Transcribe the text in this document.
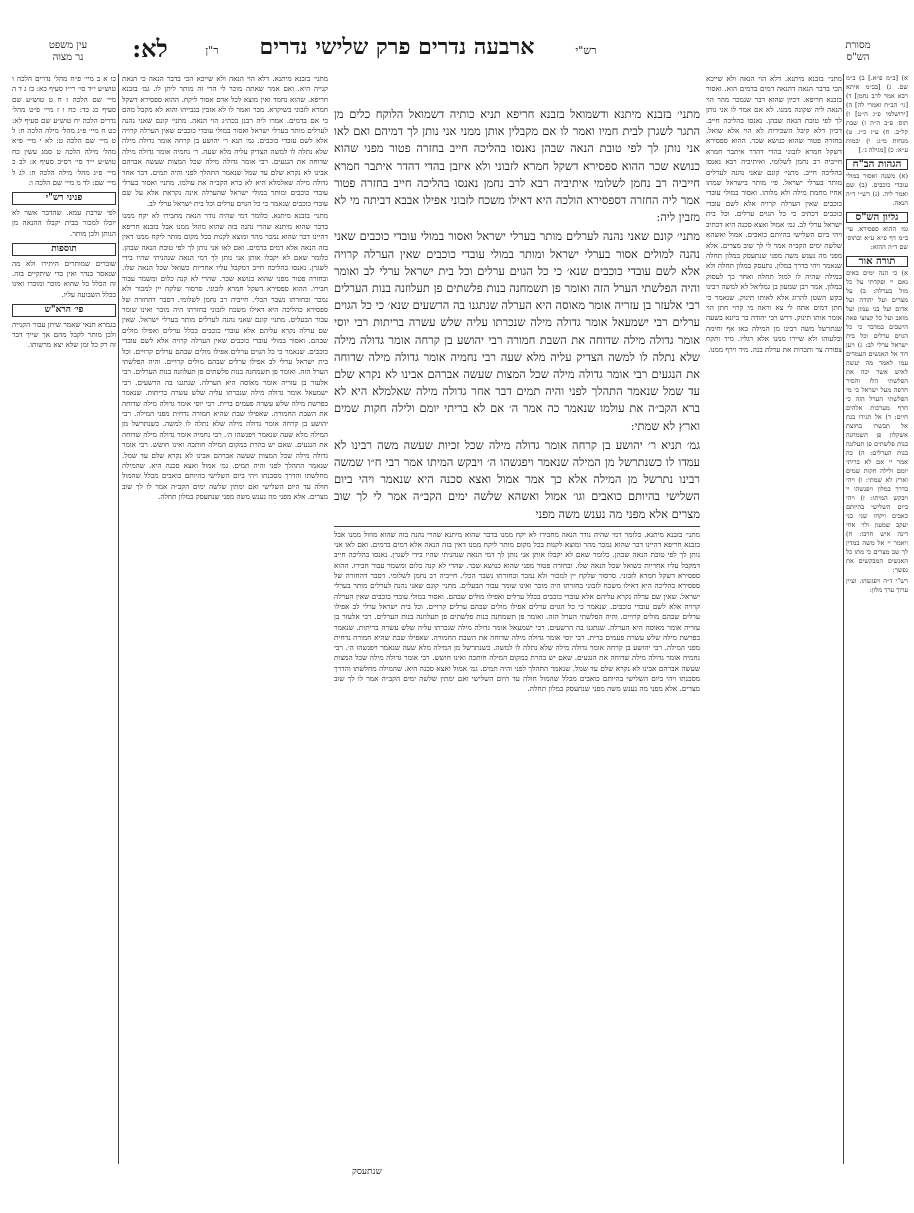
עין משפט
נר מצוה	לא:	ר"ן	ארבעה נדרים פרק שלישי נדרים	רש"י	מסורת
הש"ס

כו א ב מיי׳ פ״ח מהל׳ נדרים הלכה ו טוש״ע י״ד סי׳ רי״ז סעיף כא: כז ג ד ה מיי׳ שם הלכה ז ח ט טוש״ע שם סעיף כג כד: כח ו ז מיי׳ פ״ט מהל׳ נדרים הלכה יח טוש״ע שם סעיף לא: כט ח מיי׳ פ״ג מהל׳ מילה הלכה ח: ל ט מיי׳ שם הלכה ט: לא י מיי׳ פ״א מהל׳ מילה הלכה ט סמג עשין כח טוש״ע י״ד סי׳ רס״ב סעיף א: לב כ מיי׳ פ״ג מהל׳ מילה הלכה ח: לג ל מיי׳ שם: לד מ מיי׳ שם הלכה ו:

פניני רש"י

לפי שרבת עמא. שהדבר אשר לא יוכלו למכור בבית יקבלו ההנאה מן הנותן ולכן מותר.

תוספות

שוברים שמותרים היתירו ולא מה שנאסר בנדר ואין כדי שיתקיים בזה. זה הכלל כל שהוא מוכר ומוכרו ואינו בכלל השבועה עליו.

פי׳ הרא"ש

בגמרא תנאי שאמר שיתן עבור הקנייה ולכן מותר לקבל מהם אך שייך דבר זה רק כל זמן שלא יצא מרשותו.

מתני׳ בזבנא מיתנא. דלא הוי הנאה ולא שייכא הכי בדבר הנאה כי הנאת קנייה היא. ואם אמר שאתה מוכר לי הרי זה מותר ליתן לו. גמ׳ בזבנא חריפא. שהוא נחמד ואין מוצא לכל אדם אסור ליקח. ההוא ספסירא דשקל חמרא לזבוני בשיקרא. מכר ואמר לו לא אזבין בגבייהו והוא לא מקבל מהם כי אם בדמים. אמרו ליה רבנן בכה״ג הוי הנאה. מתני׳ קונם שאני נהנה לערלים מותר בערלי ישראל ואסור במולי עובדי כוכבים שאין הערלה קרויה אלא לשם עובדי כוכבים. גמ׳ תנא ר׳ יהושע בן קרחה אומר גדולה מילה שלא נתלה לו למשה הצדיק עליה מלא שעה. ר׳ נחמיה אומר גדולה מילה שדוחה את הנגעים. רבי אומר גדולה מילה שכל המצות שעשה אברהם אבינו לא נקרא שלם עד שמל שנאמר התהלך לפני והיה תמים. דבר אחר גדולה מילה שאלמלא היא לא ברא הקב״ה את עולמו. מתני׳ ואסור בערלי עובדי כוכבים ומותר במולי ישראל שהערלה אינה נקראת אלא על שם עובדי כוכבים שנאמר כי כל הגוים ערלים וכל בית ישראל ערלי לב.

מתני׳ בזבנא מיתנא. כלומר דמי שהיה נודר הנאה מחבירו לא יקח ממנו בדבר שהוא מיתנא שהרי נהנה בזה שהוא מוזול ממנו אבל בזבנא חריפא דהיינו דבר שהוא נמכר מהר ומוצא לקנות בכל מקום מותר ליקח ממנו דאין בזה הנאה אלא דמים בדמים. ואם לאו אני נותן לך לפי טובת הנאה שבהן. כלומר שאם לא יקבלו אותן אני נותן לך דמי הנאה שנהניתי שהיו בידי לשגרן. נאנסו בהליכה חייב דמקבל עליו אחריות כשואל שכל הנאה שלו. ובחזרה פטור מפני שהוא כנושא שכר. שהרי לא קנה כלום ומשמר עבור חבירו. ההוא ספסירא דשקל חמרא לזבוני. סרסור שלקח יין למכור ולא נמכר ובחזרתו נשבר הכלי. חייביה רב נחמן לשלומי. דסבר דהחזרה של ספסירא כהליכה היא דאילו משכח לזבוני בחזרתו היה מוכר ואינו שומר עבור הבעלים. מתני׳ קונם שאני נהנה לערלים מותר בערלי ישראל. שאין שם ערלה נקרא עליהם אלא עובדי כוכבים בכלל ערלים ואפילו מולים שבהם. ואסור במולי עובדי כוכבים שאין הערלה קרויה אלא לשם עובדי כוכבים. שנאמר כי כל הגוים ערלים אפילו מולים שבהם ערלים קרויים. וכל בית ישראל ערלי לב אפילו ערלים שבהם מולים קרויים. והיה הפלשתי הערל הזה. ואומר פן תשמחנה בנות פלשתים פן תעלוזנה בנות הערלים. רבי אלעזר בן עזריה אומר מאוסה היא הערלה. שנתגנו בה הרשעים. רבי ישמעאל אומר גדולה מילה שנכרתו עליה שלש עשרה בריתות. שנאמר בפרשת מילה שלש עשרה פעמים ברית. רבי יוסי אומר גדולה מילה שדוחה את השבת החמורה. שאפילו שבת שהיא חמורה נדחית מפני המילה. רבי יהושע בן קרחה אומר גדולה מילה שלא נתלה לו למשה. כשנתרשל מן המילה מלא שעה שנאמר ויפגשהו ה׳. רבי נחמיה אומר גדולה מילה שדוחה את הנגעים. שאם יש בהרת במקום המילה חותכה ואינו חושש. רבי אומר גדולה מילה שכל המצות שעשה אברהם אבינו לא נקרא שלם עד שמל. שנאמר התהלך לפני והיה תמים. גמ׳ אמול ואצא סכנה היא. שהמילה מחלשתו והדרך מסכנתו ויהי ביום השלישי בהיותם כואבים מכלל שהמול חולה עד היום השלישי ואם ימתין שלשה ימים הקב״ה אמר לו לך שוב מצרים. אלא מפני מה נענש משה מפני שנתעסק במלון תחלה.

מתני׳ בזבנא מיתנא ודשמואל בזבנא חריפא תניא כותיה דשמואל הלוקח כלים מן התגר לשגרן לבית חמיו ואמר לו אם מקבלין אותן ממני אני נותן לך דמיהם ואם לאו אני נותן לך לפי טובת הנאה שבהן נאנסו בהליכה חייב בחזרה פטור מפני שהוא כנושא שכר ההוא ספסירא דשקל חמרא לזבוני ולא איזבן בהדי דהדר איתבר חמרא חייביה רב נחמן לשלומי איתיביה רבא לרב נחמן נאנסו בהליכה חייב בחזרה פטור אמר ליה החזרה דספסירא הולכה היא דאילו משכח לזבוני אפילו אבבא דביתה מי לא מזבין ליה:

מתני׳ קונם שאני נהנה לערלים מותר בערלי ישראל ואסור במולי עובדי כוכבים שאני נהנה למולים אסור בערלי ישראל ומותר במולי עובדי כוכבים שאין הערלה קרויה אלא לשם עובדי כוכבים שנא׳ כי כל הגוים ערלים וכל בית ישראל ערלי לב ואומר והיה הפלשתי הערל הזה ואומר פן תשמחנה בנות פלשתים פן תעלוזנה בנות הערלים רבי אלעזר בן עזריה אומר מאוסה היא הערלה שנתגנו בה הרשעים שנא׳ כי כל הגוים ערלים רבי ישמעאל אומר גדולה מילה שנכרתו עליה שלש עשרה בריתות רבי יוסי אומר גדולה מילה שדוחה את השבת חמורה רבי יהושע בן קרחה אומר גדולה מילה שלא נתלה לו למשה הצדיק עליה מלא שעה רבי נחמיה אומר גדולה מילה שדוחה את הנגעים רבי אומר גדולה מילה שכל המצות שעשה אברהם אבינו לא נקרא שלם עד שמל שנאמר התהלך לפני והיה תמים דבר אחר גדולה מילה שאלמלא היא לא ברא הקב״ה את עולמו שנאמר כה אמר ה׳ אם לא בריתי יומם ולילה חקות שמים וארץ לא שמתי:

גמ׳ תניא ר׳ יהושע בן קרחה אומר גדולה מילה שכל זכיות שעשה משה רבינו לא עמדו לו כשנתרשל מן המילה שנאמר ויפגשהו ה׳ ויבקש המיתו אמר רבי ח״ו שמשה רבינו נתרשל מן המילה אלא כך אמר אמול ואצא סכנה היא שנאמר ויהי ביום השלישי בהיותם כואבים וגו׳ אמול ואשהא שלשה ימים הקב״ה אמר לי לך שוב מצרים אלא מפני מה נענש משה מפני

מתני׳ בזבנא מיתנא. כלומר דמי שהיה נודר הנאה מחבירו לא יקח ממנו בדבר שהוא מיתנא שהרי נהנה בזה שהוא מוזול ממנו אבל בזבנא חריפא דהיינו דבר שהוא נמכר מהר ומוצא לקנות בכל מקום מותר ליקח ממנו דאין בזה הנאה אלא דמים בדמים. ואם לאו אני נותן לך לפי טובת הנאה שבהן. כלומר שאם לא יקבלו אותן אני נותן לך דמי הנאה שנהניתי שהיו בידי לשגרן. נאנסו בהליכה חייב דמקבל עליו אחריות כשואל שכל הנאה שלו. ובחזרה פטור מפני שהוא כנושא שכר. שהרי לא קנה כלום ומשמר עבור חבירו. ההוא ספסירא דשקל חמרא לזבוני. סרסור שלקח יין למכור ולא נמכר ובחזרתו נשבר הכלי. חייביה רב נחמן לשלומי. דסבר דהחזרה של ספסירא כהליכה היא דאילו משכח לזבוני בחזרתו היה מוכר ואינו שומר עבור הבעלים. מתני׳ קונם שאני נהנה לערלים מותר בערלי ישראל. שאין שם ערלה נקרא עליהם אלא עובדי כוכבים בכלל ערלים ואפילו מולים שבהם. ואסור במולי עובדי כוכבים שאין הערלה קרויה אלא לשם עובדי כוכבים. שנאמר כי כל הגוים ערלים אפילו מולים שבהם ערלים קרויים. וכל בית ישראל ערלי לב אפילו ערלים שבהם מולים קרויים. והיה הפלשתי הערל הזה. ואומר פן תשמחנה בנות פלשתים פן תעלוזנה בנות הערלים. רבי אלעזר בן עזריה אומר מאוסה היא הערלה. שנתגנו בה הרשעים. רבי ישמעאל אומר גדולה מילה שנכרתו עליה שלש עשרה בריתות. שנאמר בפרשת מילה שלש עשרה פעמים ברית. רבי יוסי אומר גדולה מילה שדוחה את השבת החמורה. שאפילו שבת שהיא חמורה נדחית מפני המילה. רבי יהושע בן קרחה אומר גדולה מילה שלא נתלה לו למשה. כשנתרשל מן המילה מלא שעה שנאמר ויפגשהו ה׳. רבי נחמיה אומר גדולה מילה שדוחה את הנגעים. שאם יש בהרת במקום המילה חותכה ואינו חושש. רבי אומר גדולה מילה שכל המצות שעשה אברהם אבינו לא נקרא שלם עד שמל. שנאמר התהלך לפני והיה תמים. גמ׳ אמול ואצא סכנה היא. שהמילה מחלשתו והדרך מסכנתו ויהי ביום השלישי בהיותם כואבים מכלל שהמול חולה עד היום השלישי ואם ימתין שלשה ימים הקב״ה אמר לו לך שוב מצרים. אלא מפני מה נענש משה מפני שנתעסק במלון תחלה.

מתני׳ בזבנא מיתנא. דלא הוי הנאה ולא שייכא הכי בדבר הנאה דהנאה דמים בדמים הוא. ואסור בזבנא חריפא. דכיון שהוא דבר שנמכר מהר הוי הנאה ליה שקונה ממנו. לא אם אמר לו אני נותן לך לפי טובת הנאה שבהן. נאנסו בהליכה חייב. דכיון דלא קיבל השכירות לא הוי אלא שואל. בחזרה פטור שהוא כנושא שכר. ההוא ספסירא דשקל חמרא לזבוני בהדי דהדר איתבר חמרא חייביה רב נחמן לשלומי. ואיתיביה רבא נאנסו בהליכה חייב. מתני׳ קונם שאני נהנה לערלים מותר בערלי ישראל. פי׳ מותר בישראל שמתו אחיו מחמת מילה ולא מלוהו. ואסור במולי עובדי כוכבים שאין הערלה קרויה אלא לשם עובדי כוכבים דכתיב כי כל הגוים ערלים. וכל בית ישראל ערלי לב. גמ׳ אמול ואצא סכנה היא דכתיב ויהי ביום השלישי בהיותם כואבים. אמול ואשהא שלשה ימים הקב״ה אמר לי לך שוב מצרים. אלא מפני מה נענש משה מפני שנתעסק במלון תחלה שנאמר ויהי בדרך במלון. נתעסק במלון תחלה ולא במילה שהיה לו למול תחלה ואחר כך לעסוק במלון. אמר רבן שמעון בן גמליאל לא למשה רבינו בקש השטן להרוג אלא לאותו תינוק. שנאמר כי חתן דמים אתה לי צא וראה מי קרוי חתן הוי אומר אותו תינוק. דרש רבי יהודה בר ביזנא בשעה שנתרשל משה רבינו מן המילה באו אף וחימה ובלעוהו ולא שיירו ממנו אלא רגליו. מיד ותקח צפורה צר ותכרות את ערלת בנה. מיד וירף ממנו.

א) [ב״מ פ״א.] ב) ב״מ שם. ג) [בב״מ איתא רבא אמר לרב נחמן] ד) [גי׳ הב״ח ואמרי לה] ה) [ירושלמי פ״ג ה״ט] ו) תוס׳ פ״ב ה״ה ז) שבת קל״ב. ח) ע״ז כ״ז. ט) מנחות מ״ג: י) יבמות ע״א: כ) [מגילה ג׳.]

הגהות הב"ח

(א) משנה ואסור במולי עובדי כוכבים. (ב) שם ואמר ליה. (ג) רש״י ד״ה הנאה.

גליון הש"ס

גמ׳ ההוא ספסירא. עי׳ ב״מ דף פ״א ע״א ובתוס׳ שם ד״ה ההוא:

תורה אור

א) כי הנה ימים באים נאם יי ופקדתי על כל מול בערלה: ב) על מצרים ועל יהודה ועל אדום ועל בני עמון ועל מואב ועל כל קצוצי פאה הישבים במדבר כי כל הגוים ערלים וכל בית ישראל ערלי לב: ג) ויען דוד אל האנשים העמדים עמו לאמר מה יעשה לאיש אשר יכה את הפלשתי הלז והסיר חרפה מעל ישראל כי מי הפלשתי הערל הזה כי חרף מערכות אלהים חיים: ד) אל תגידו בגת אל תבשרו בחוצת אשקלון פן תשמחנה בנות פלשתים פן תעלזנה בנות הערלים: ה) כה אמר יי אם לא בריתי יומם ולילה חקות שמים וארץ לא שמתי: ו) ויהי בדרך במלון ויפגשהו יי ויבקש המיתו: ז) ויהי ביום השלישי בהיותם כאבים ויקחו שני בני יעקב שמעון ולוי אחי דינה איש חרבו: ח) ויאמר יי אל משה במדין לך שב מצרים כי מתו כל האנשים המבקשים את נפשך:

רש"י ד״ה ויפגשהו. ועיין ערוך ערך מלון:

שנתעסק
